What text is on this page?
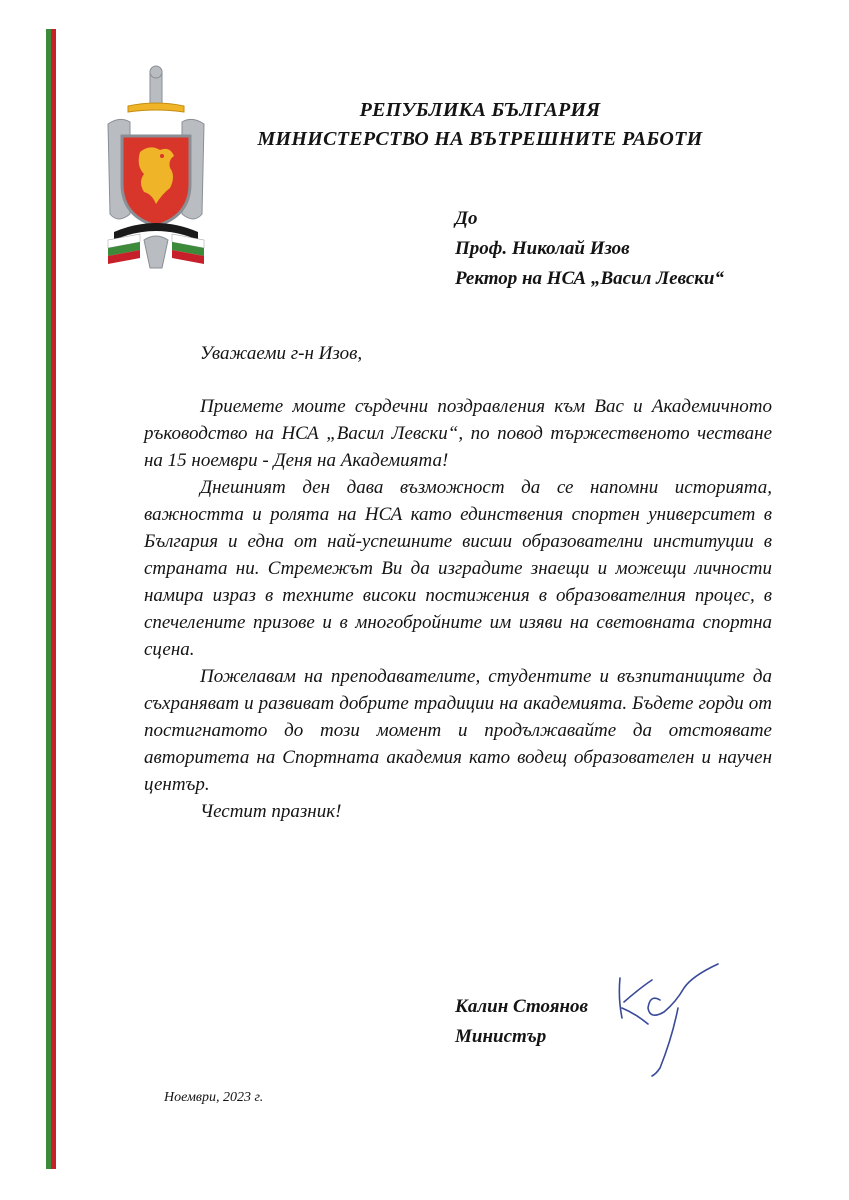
РЕПУБЛИКА БЪЛГАРИЯ
МИНИСТЕРСТВО НА ВЪТРЕШНИТЕ РАБОТИ
До
Проф. Николай Изов
Ректор на НСА „Васил Левски“

Уважаеми г-н Изов,

Приемете моите сърдечни поздравления към Вас и Академичното ръководство на НСА „Васил Левски“, по повод тържественото честване на 15 ноември - Деня на Академията!

Днешният ден дава възможност да се напомни историята, важността и ролята на НСА като единствения спортен университет в България и една от най-успешните висши образователни институции в страната ни. Стремежът Ви да изградите знаещи и можещи личности намира израз в техните високи постижения в образователния процес, в спечелените призове и в многобройните им изяви на световната спортна сцена.

Пожелавам на преподавателите, студентите и възпитаниците да съхраняват и развиват добрите традиции на академията. Бъдете горди от постигнатото до този момент и продължавайте да отстоявате авторитета на Спортната академия като водещ образователен и научен център.

Честит празник!

Калин Стоянов
Министър
Ноември, 2023 г.
